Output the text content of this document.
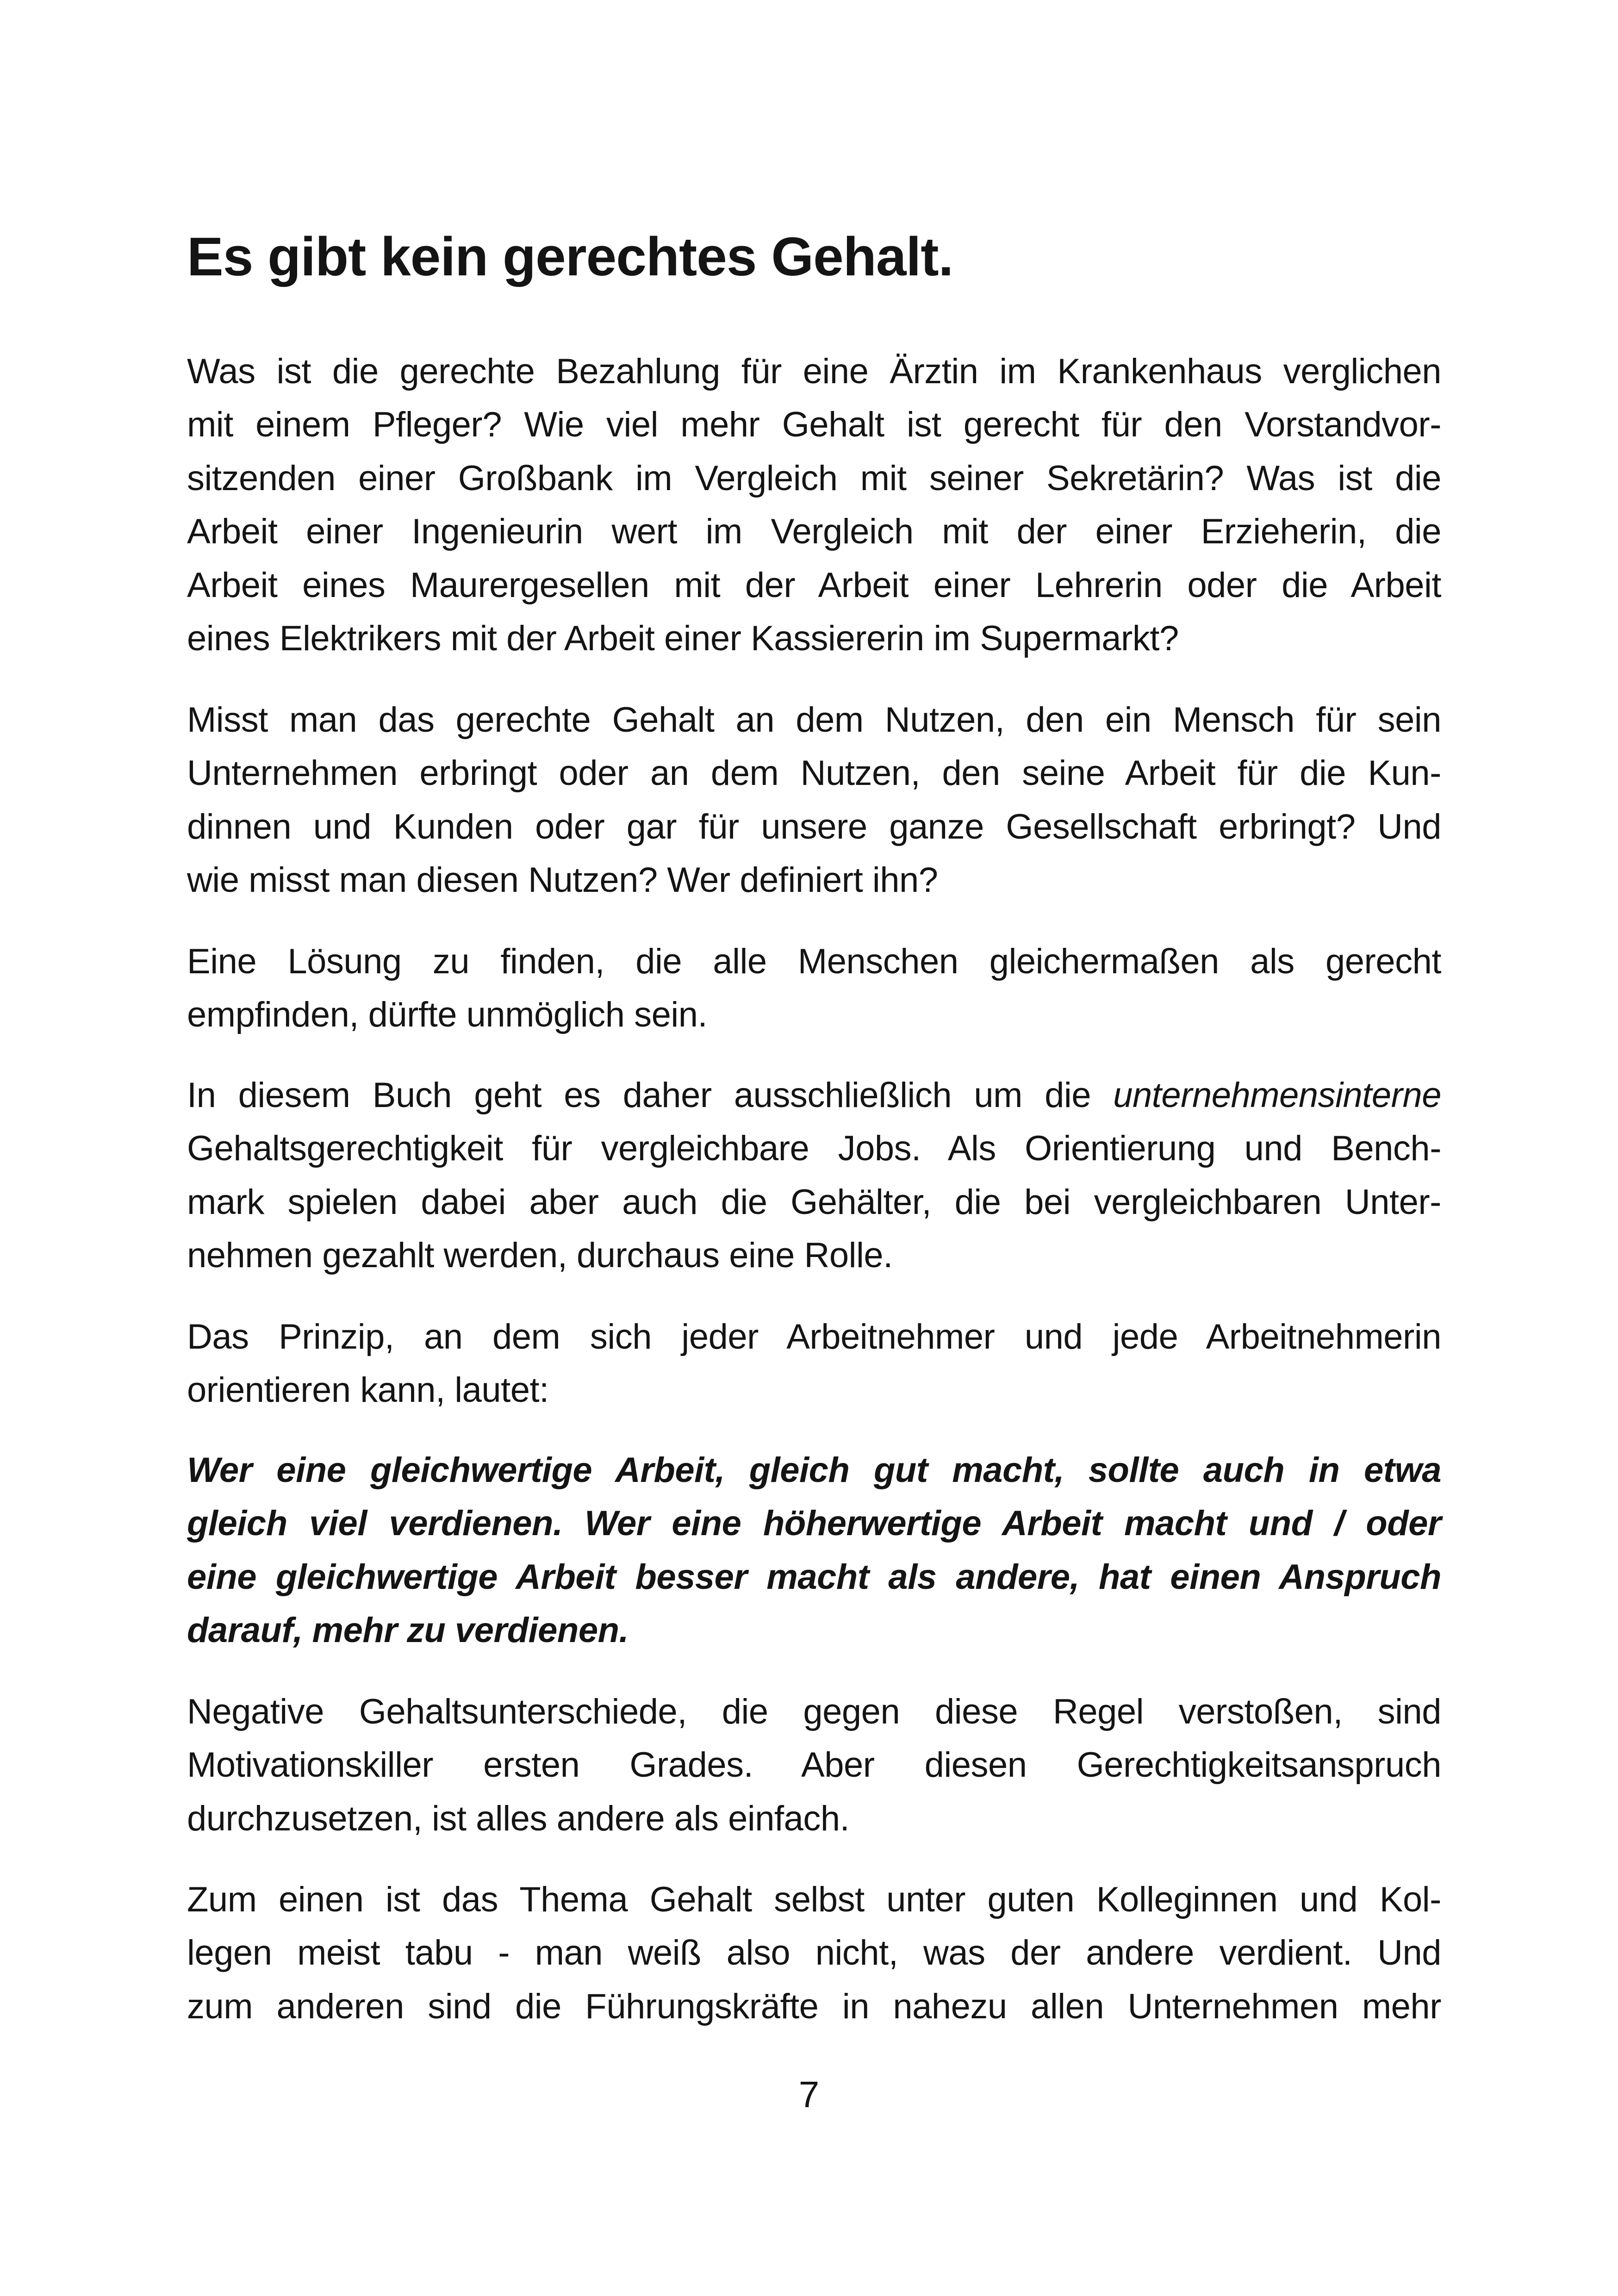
Es gibt kein gerechtes Gehalt.

Was ist die gerechte Bezahlung für eine Ärztin im Krankenhaus verglichen
mit einem Pfleger? Wie viel mehr Gehalt ist gerecht für den Vorstandvor-
sitzenden einer Großbank im Vergleich mit seiner Sekretärin? Was ist die
Arbeit einer Ingenieurin wert im Vergleich mit der einer Erzieherin, die
Arbeit eines Maurergesellen mit der Arbeit einer Lehrerin oder die Arbeit
eines Elektrikers mit der Arbeit einer Kassiererin im Supermarkt?

Misst man das gerechte Gehalt an dem Nutzen, den ein Mensch für sein
Unternehmen erbringt oder an dem Nutzen, den seine Arbeit für die Kun-
dinnen und Kunden oder gar für unsere ganze Gesellschaft erbringt? Und
wie misst man diesen Nutzen? Wer definiert ihn?

Eine Lösung zu finden, die alle Menschen gleichermaßen als gerecht
empfinden, dürfte unmöglich sein.

In diesem Buch geht es daher ausschließlich um die unternehmensinterne
Gehaltsgerechtigkeit für vergleichbare Jobs. Als Orientierung und Bench-
mark spielen dabei aber auch die Gehälter, die bei vergleichbaren Unter-
nehmen gezahlt werden, durchaus eine Rolle.

Das Prinzip, an dem sich jeder Arbeitnehmer und jede Arbeitnehmerin
orientieren kann, lautet:

Wer eine gleichwertige Arbeit, gleich gut macht, sollte auch in etwa
gleich viel verdienen. Wer eine höherwertige Arbeit macht und / oder
eine gleichwertige Arbeit besser macht als andere, hat einen Anspruch
darauf, mehr zu verdienen.

Negative Gehaltsunterschiede, die gegen diese Regel verstoßen, sind
Motivationskiller ersten Grades. Aber diesen Gerechtigkeitsanspruch
durchzusetzen, ist alles andere als einfach.

Zum einen ist das Thema Gehalt selbst unter guten Kolleginnen und Kol-
legen meist tabu - man weiß also nicht, was der andere verdient. Und
zum anderen sind die Führungskräfte in nahezu allen Unternehmen mehr

7
